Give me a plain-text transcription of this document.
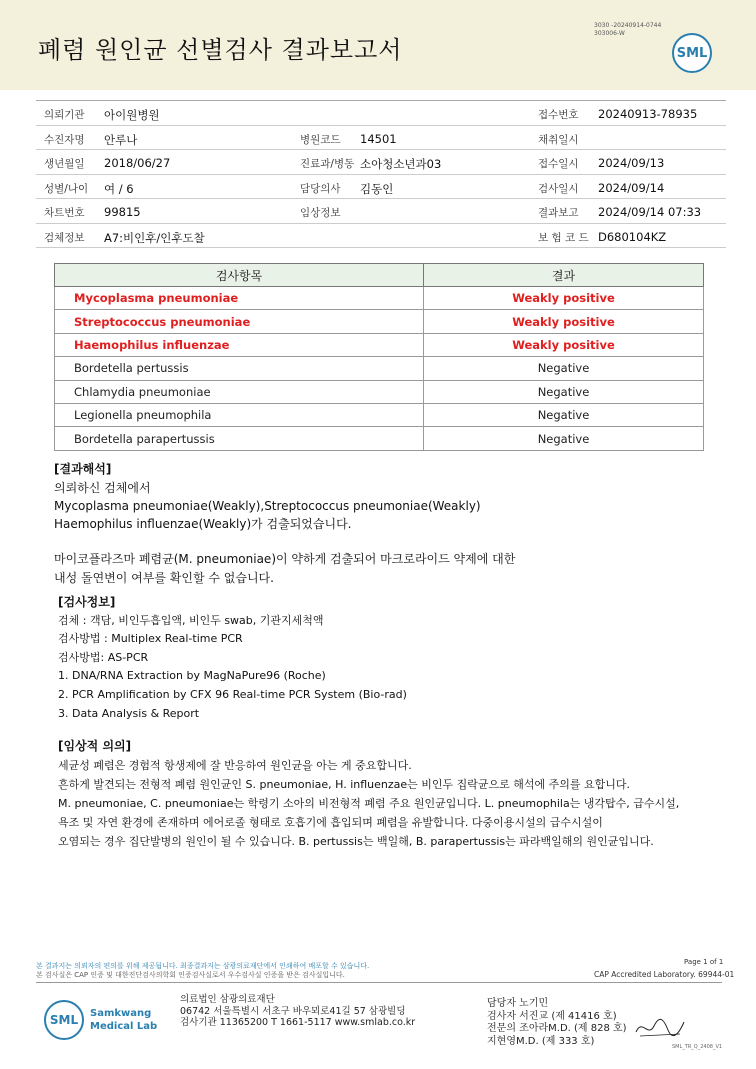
폐렴 원인균 선별검사 결과보고서
3030 -20240914-0744
303006-W
SML
의뢰기관 아이원병원	접수번호 20240913-78935
수진자명 안루나	병원코드 14501	채취일시
생년월일 2018/06/27	진료과/병동 소아청소년과03	접수일시 2024/09/13
성별/나이 여 / 6	담당의사 김동인	검사일시 2024/09/14
차트번호 99815	임상정보	결과보고 2024/09/14 07:33
검체정보 A7:비인후/인후도찰	보 험 코 드 D680104KZ
검사항목	결과
Mycoplasma pneumoniae	Weakly positive
Streptococcus pneumoniae	Weakly positive
Haemophilus influenzae	Weakly positive
Bordetella pertussis	Negative
Chlamydia pneumoniae	Negative
Legionella pneumophila	Negative
Bordetella parapertussis	Negative
[결과해석]
의뢰하신 검체에서
Mycoplasma pneumoniae(Weakly),Streptococcus pneumoniae(Weakly)
Haemophilus influenzae(Weakly)가 검출되었습니다.
마이코플라즈마 폐렴균(M. pneumoniae)이 약하게 검출되어 마크로라이드 약제에 대한
내성 돌연변이 여부를 확인할 수 없습니다.
[검사정보]
검체 : 객담, 비인두흡입액, 비인두 swab, 기관지세척액
검사방법 : Multiplex Real-time PCR
검사방법: AS-PCR
1. DNA/RNA Extraction by MagNaPure96 (Roche)
2. PCR Amplification by CFX 96 Real-time PCR System (Bio-rad)
3. Data Analysis & Report
[임상적 의의]
세균성 폐렴은 경험적 항생제에 잘 반응하여 원인균을 아는 게 중요합니다.
흔하게 발견되는 전형적 폐렴 원인균인 S. pneumoniae, H. influenzae는 비인두 집락균으로 해석에 주의를 요합니다.
M. pneumoniae, C. pneumoniae는 학령기 소아의 비전형적 폐렴 주요 원인균입니다. L. pneumophila는 냉각탑수, 급수시설,
욕조 및 자연 환경에 존재하며 에어로졸 형태로 호흡기에 흡입되며 폐렴을 유발합니다. 다중이용시설의 급수시설이
오염되는 경우 집단발병의 원인이 될 수 있습니다. B. pertussis는 백일해, B. parapertussis는 파라백일해의 원인균입니다.
본 결과지는 의뢰자의 편의를 위해 제공됩니다. 최종결과지는 삼광의료재단에서 인쇄하여 배포할 수 있습니다.
본 검사실은 CAP 인증 및 대한진단검사의학회 인증검사실로서 우수검사실 인증을 받은 검사실입니다.
Page 1 of 1
CAP Accredited Laboratory. 69944-01
SML	Samkwang
Medical Lab
의료법인 삼광의료재단
06742 서울특별시 서초구 바우뫼로41길 57 삼광빌딩
검사기관 11365200 T 1661-5117 www.smlab.co.kr
담당자 노기민
검사자 서진교 (제 41416 호)
전문의 조아라M.D. (제 828 호)
지현영M.D. (제 333 호)
SML_TR_Q_2408_V1
